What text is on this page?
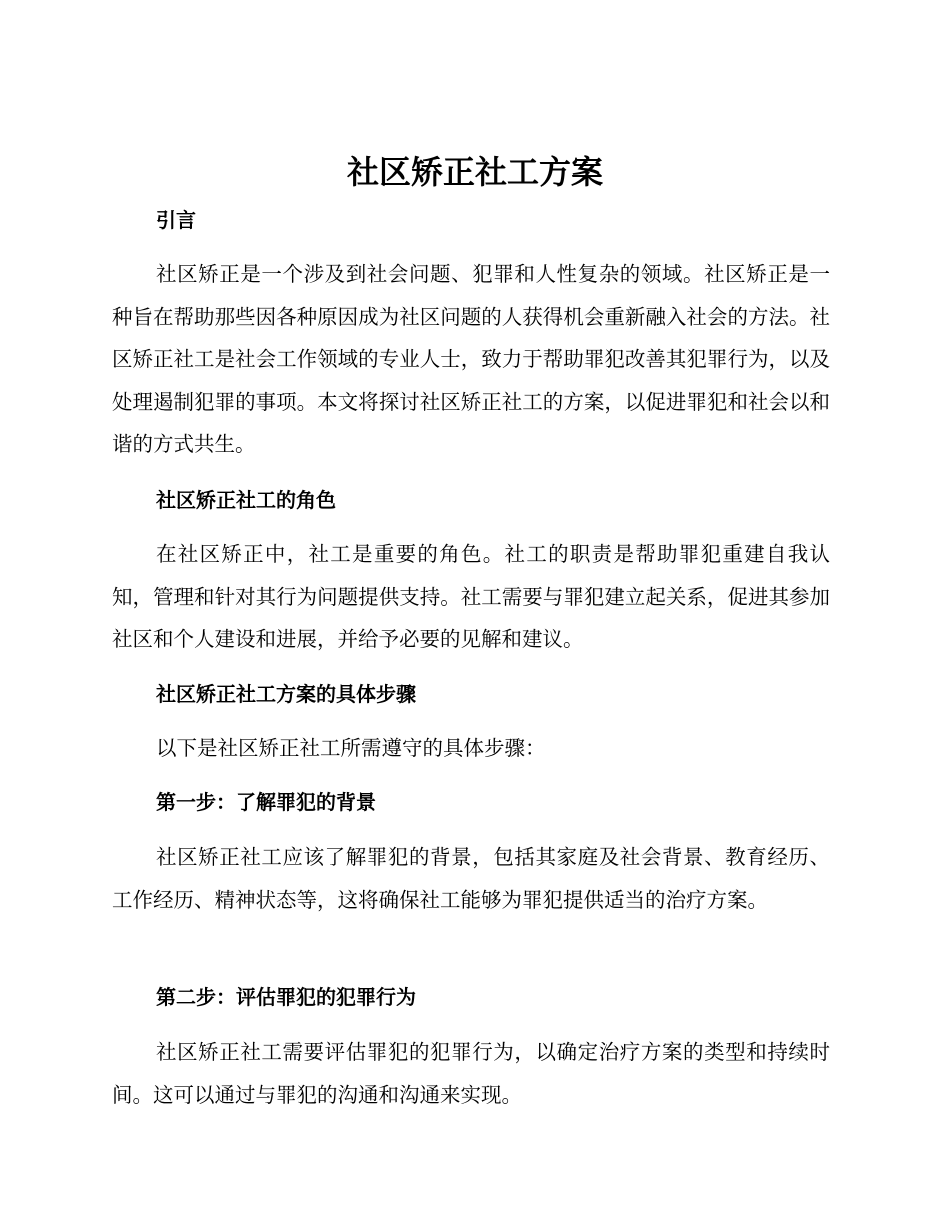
社区矫正社工方案
引言

社区矫正是一个涉及到社会问题、犯罪和人性复杂的领域。社区矫正是一种旨在帮助那些因各种原因成为社区问题的人获得机会重新融入社会的方法。社区矫正社工是社会工作领域的专业人士，致力于帮助罪犯改善其犯罪行为，以及处理遏制犯罪的事项。本文将探讨社区矫正社工的方案，以促进罪犯和社会以和谐的方式共生。

社区矫正社工的角色

在社区矫正中，社工是重要的角色。社工的职责是帮助罪犯重建自我认知，管理和针对其行为问题提供支持。社工需要与罪犯建立起关系，促进其参加社区和个人建设和进展，并给予必要的见解和建议。

社区矫正社工方案的具体步骤

以下是社区矫正社工所需遵守的具体步骤：

第一步：了解罪犯的背景

社区矫正社工应该了解罪犯的背景，包括其家庭及社会背景、教育经历、工作经历、精神状态等，这将确保社工能够为罪犯提供适当的治疗方案。

第二步：评估罪犯的犯罪行为

社区矫正社工需要评估罪犯的犯罪行为，以确定治疗方案的类型和持续时间。这可以通过与罪犯的沟通和沟通来实现。
